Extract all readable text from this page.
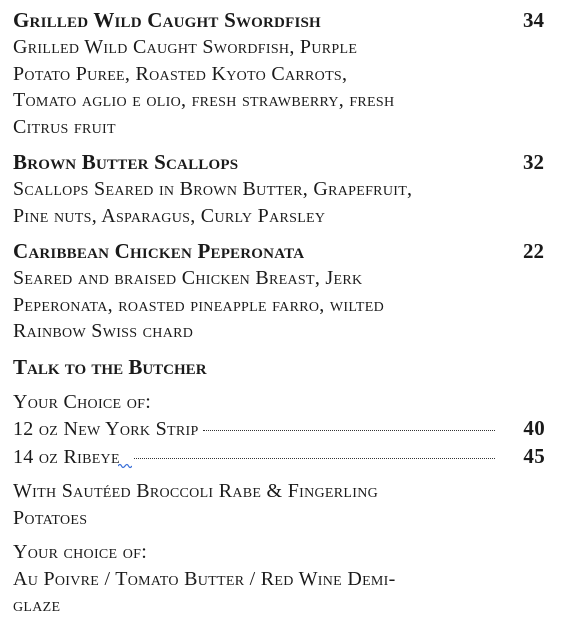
Grilled Wild Caught Swordfish	34
Grilled Wild Caught Swordfish, Purple
Potato Puree, Roasted Kyoto Carrots,
Tomato aglio e olio, fresh strawberry, fresh
Citrus fruit
Brown Butter Scallops	32
Scallops Seared in Brown Butter, Grapefruit,
Pine nuts, Asparagus, Curly Parsley
Caribbean Chicken Peperonata	22
Seared and braised Chicken Breast, Jerk
Peperonata, roasted pineapple farro, wilted
Rainbow Swiss chard
Talk to the Butcher
Your Choice of:
12 oz New York Strip	40
14 oz Ribeye	45
With Sautéed Broccoli Rabe & Fingerling
Potatoes
Your choice of:
Au Poivre / Tomato Butter / Red Wine Demi-
glaze
